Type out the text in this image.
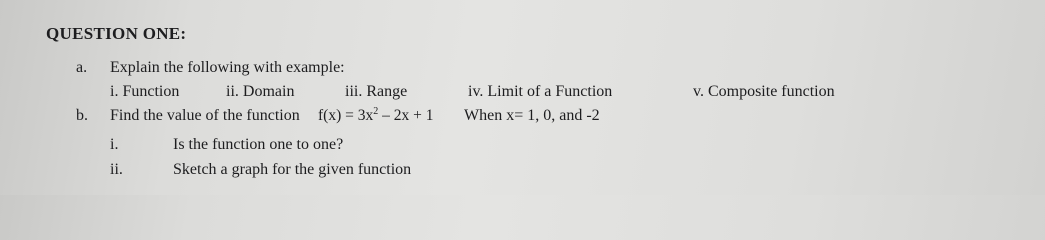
QUESTION ONE:
a. Explain the following with example:
i. Function	ii. Domain	iii. Range	iv. Limit of a Function	v. Composite function
b. Find the value of the function $f(x) = 3x^2 - 2x + 1$ When x= 1, 0, and -2
i.	Is the function one to one?
ii.	Sketch a graph for the given function
